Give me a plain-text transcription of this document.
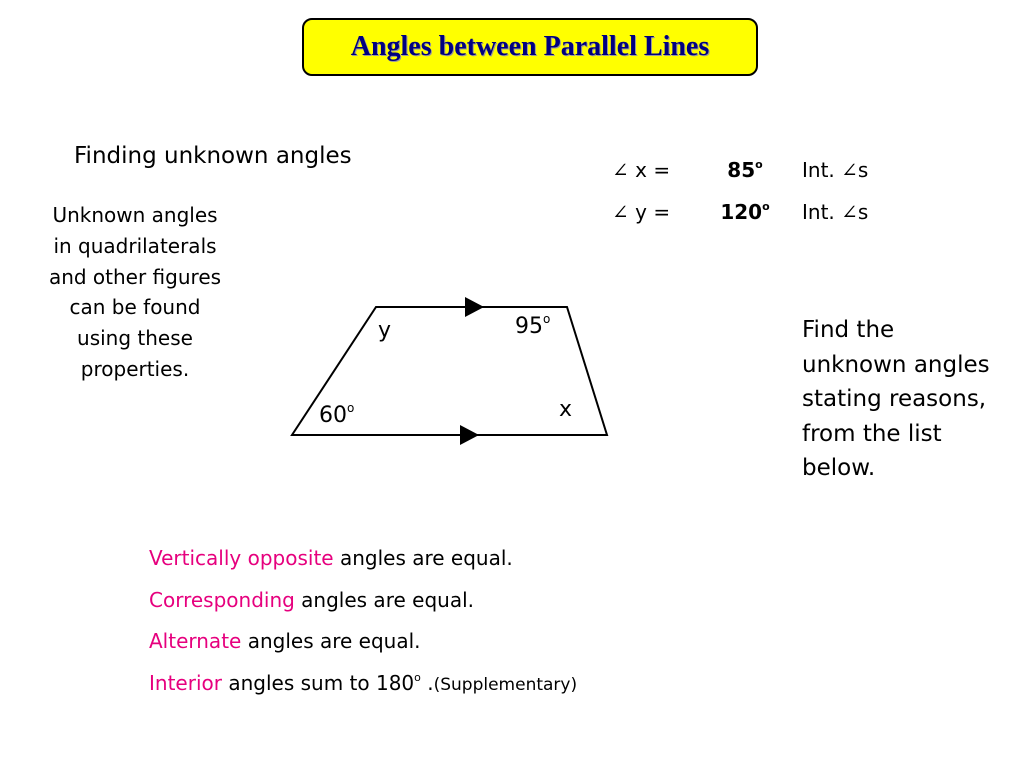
Angles between Parallel Lines
Finding unknown angles
Unknown angles in quadrilaterals and other figures can be found using these properties.
∠ x =	$85^o$	Int. ∠s
∠ y =	$120^o$	Int. ∠s
Find the unknown angles stating reasons, from the list below.
y	95$^o$
60$^o$	x
Vertically opposite angles are equal.
Corresponding angles are equal.
Alternate angles are equal.
Interior angles sum to 180$^o$ .(Supplementary)
